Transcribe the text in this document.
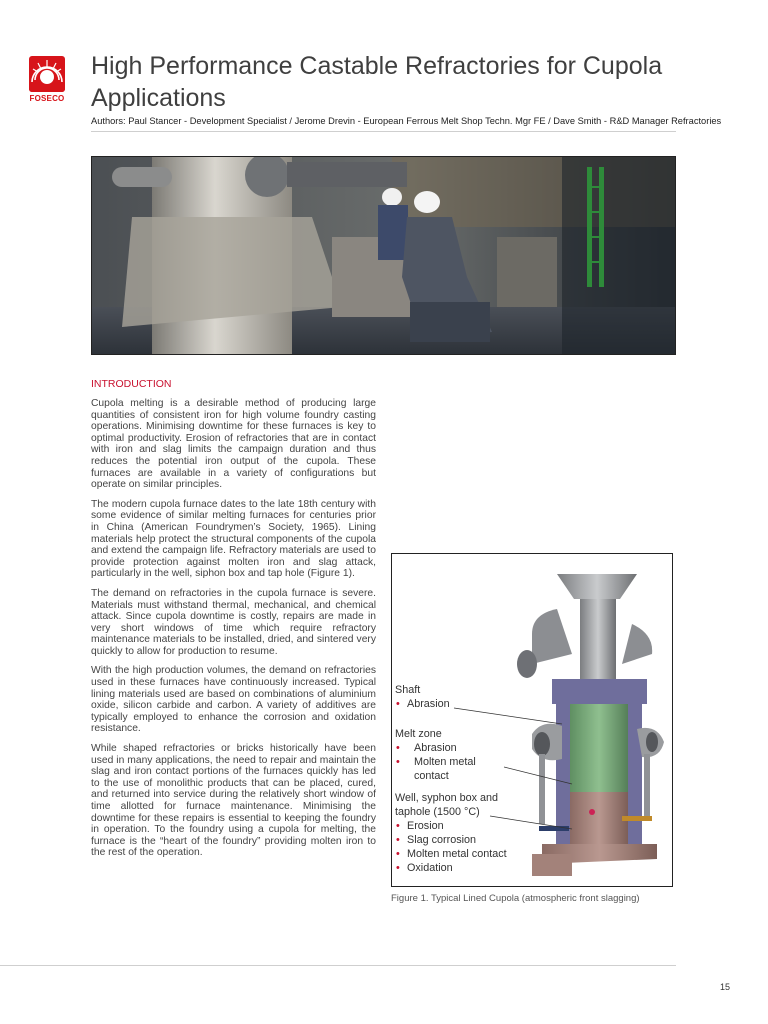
FOSECO
High Performance Castable Refractories for Cupola Applications
Authors: Paul Stancer - Development Specialist / Jerome Drevin - European Ferrous Melt Shop Techn. Mgr FE / Dave Smith - R&D Manager Refractories
INTRODUCTION

Cupola melting is a desirable method of producing large quantities of consistent iron for high volume foundry casting operations. Minimising downtime for these furnaces is key to optimal productivity. Erosion of refractories that are in contact with iron and slag limits the campaign duration and thus reduces the potential iron output of the cupola. These furnaces are available in a variety of configurations but operate on similar principles.

The modern cupola furnace dates to the late 18th century with some evidence of similar melting furnaces for centuries prior in China (American Foundrymen’s Society, 1965). Lining materials help protect the structural components of the cupola and extend the campaign life. Refractory materials are used to provide protection against molten iron and slag attack, particularly in the well, siphon box and tap hole (Figure 1).

The demand on refractories in the cupola furnace is severe. Materials must withstand thermal, mechanical, and chemical attack. Since cupola downtime is costly, repairs are made in very short windows of time which require refractory maintenance materials to be installed, dried, and sintered very quickly to allow for production to resume.

With the high production volumes, the demand on refractories used in these furnaces have continuously increased. Typical lining materials used are based on combinations of aluminium oxide, silicon carbide and carbon. A variety of additives are typically employed to enhance the corrosion and oxidation resistance.

While shaped refractories or bricks historically have been used in many applications, the need to repair and maintain the slag and iron contact portions of the furnaces quickly has led to the use of monolithic products that can be placed, cured, and returned into service during the relatively short window of time allotted for furnace maintenance. Minimising the downtime for these repairs is essential to keeping the foundry in operation. To the foundry using a cupola for melting, the furnace is the “heart of the foundry” providing molten iron to the rest of the operation.

Shaft
• Abrasion
Melt zone
• Abrasion
• Molten metal contact
Well, syphon box and
taphole (1500 °C)
• Erosion
• Slag corrosion
• Molten metal contact
• Oxidation
Figure 1. Typical Lined Cupola (atmospheric front slagging)
15
